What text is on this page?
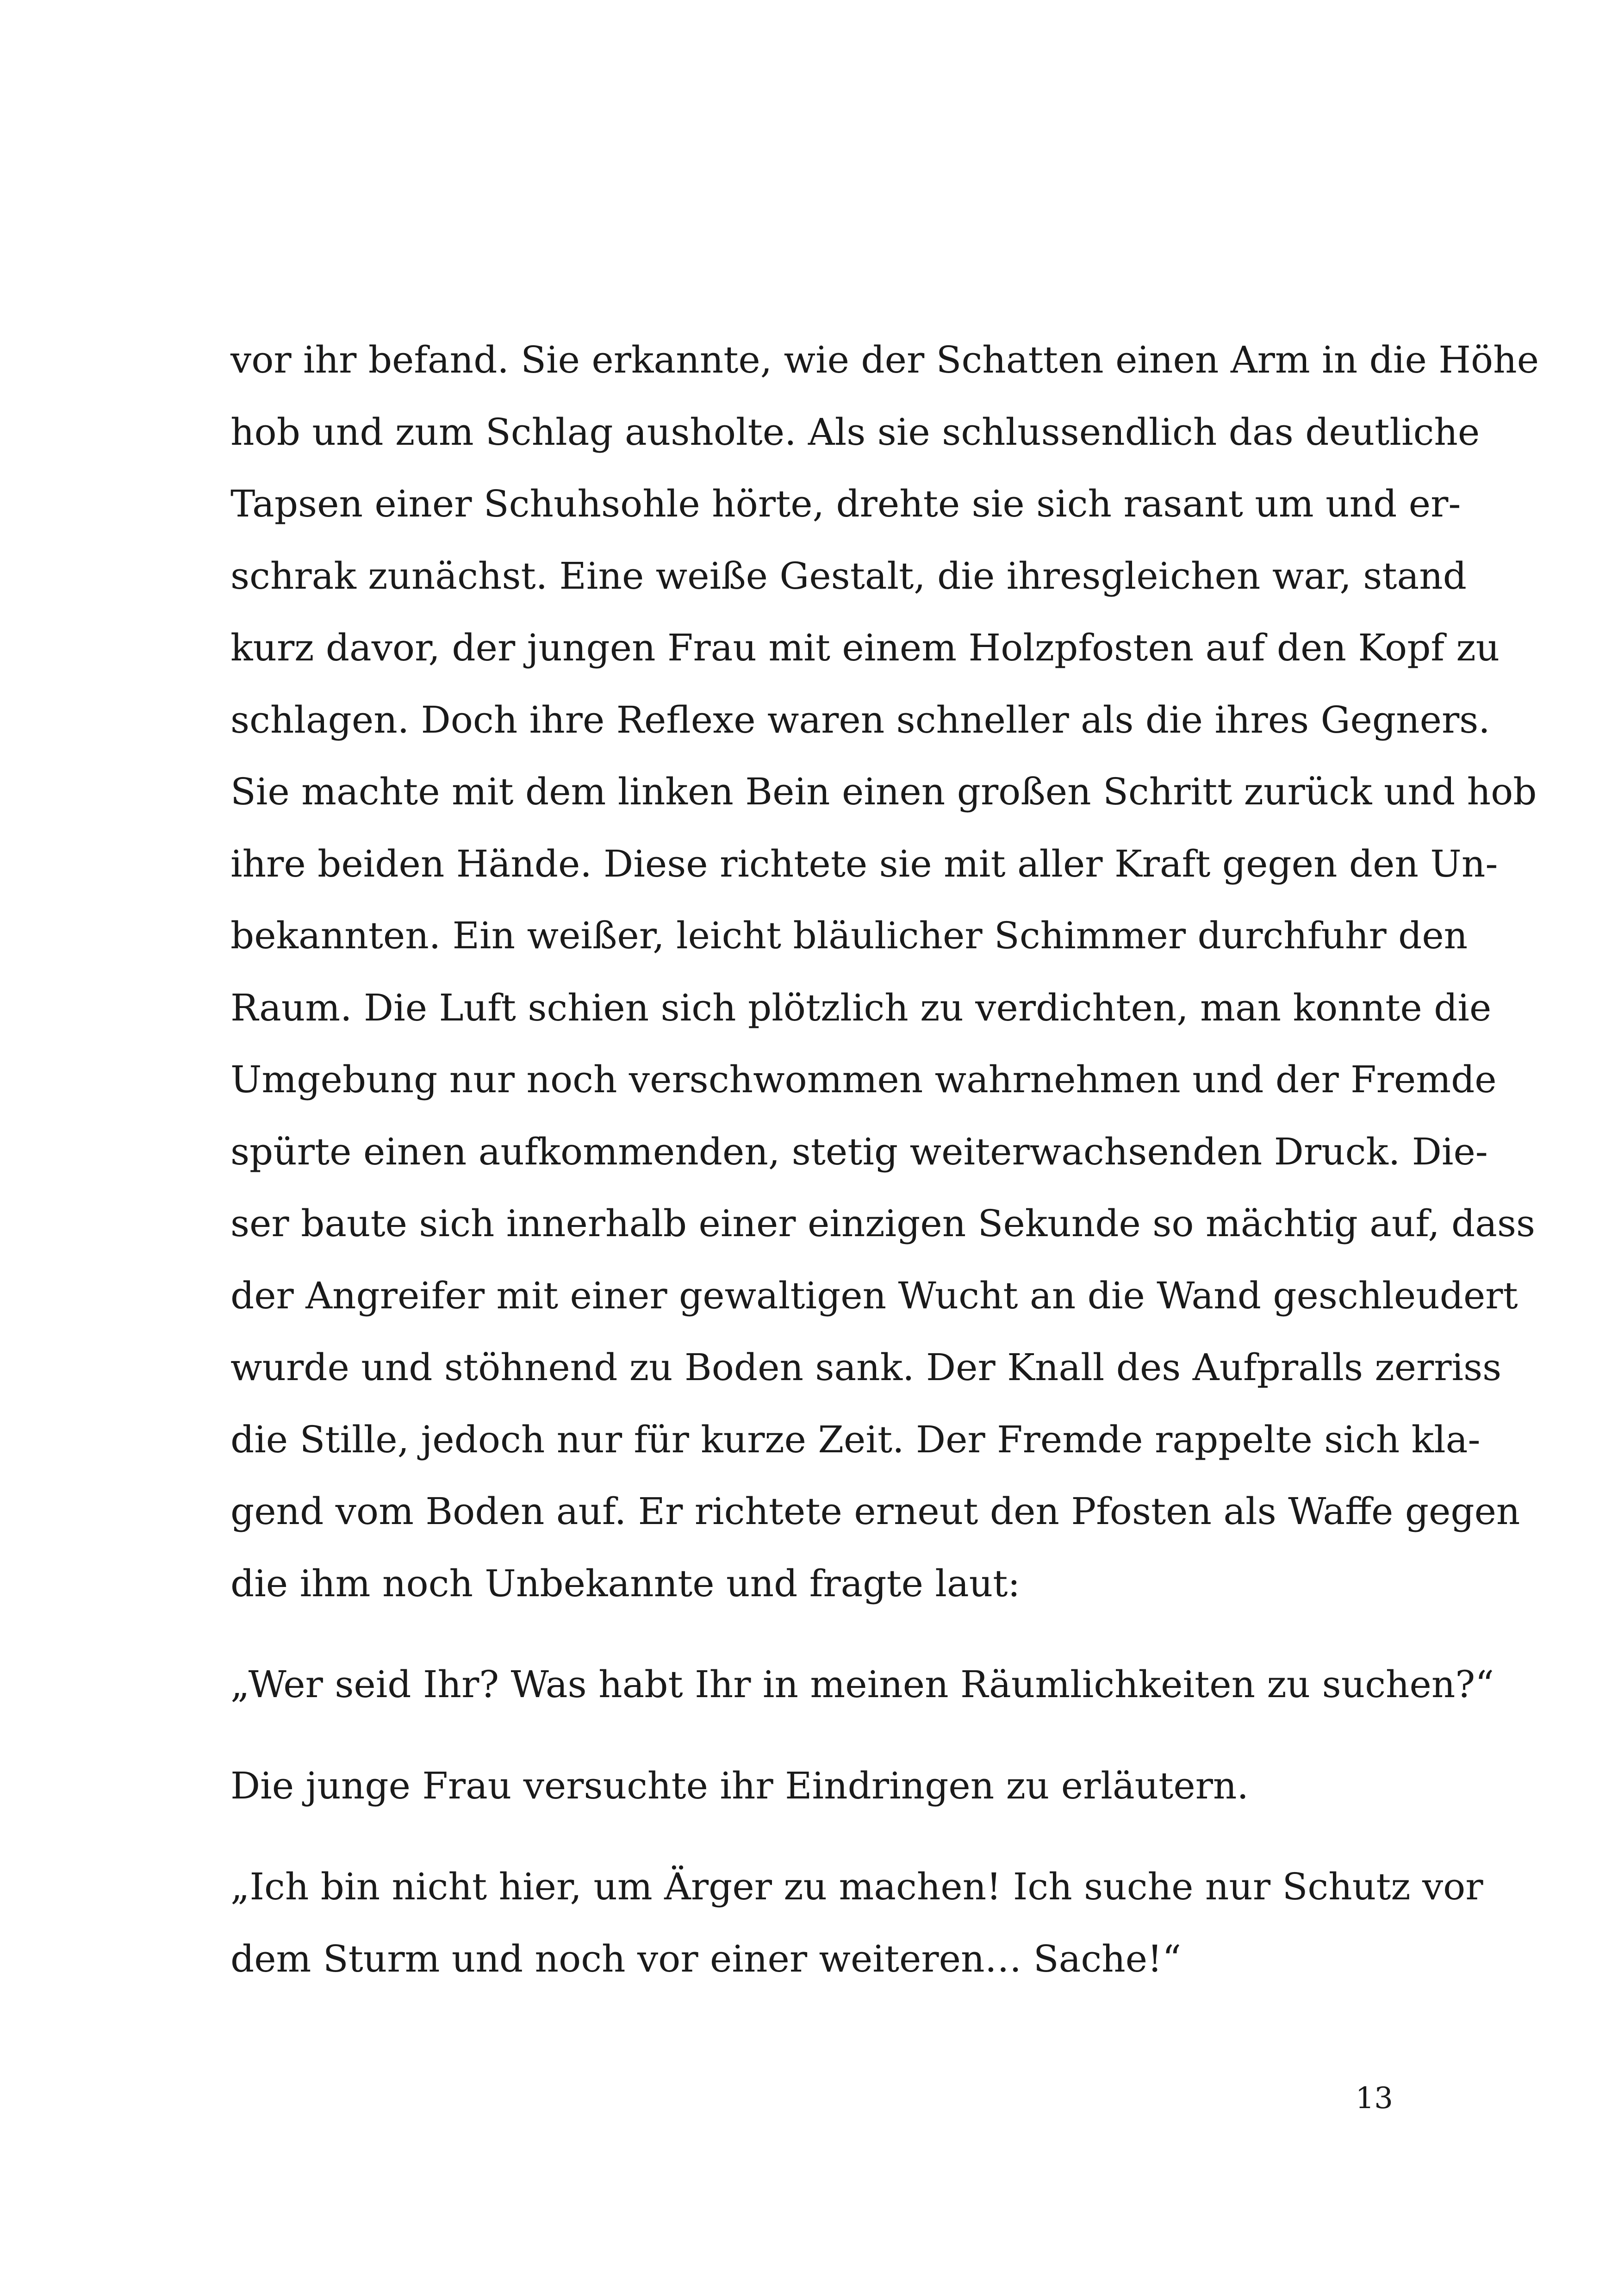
vor ihr befand. Sie erkannte, wie der Schatten einen Arm in die Höhe
hob und zum Schlag ausholte. Als sie schlussendlich das deutliche
Tapsen einer Schuhsohle hörte, drehte sie sich rasant um und er-
schrak zunächst. Eine weiße Gestalt, die ihresgleichen war, stand
kurz davor, der jungen Frau mit einem Holzpfosten auf den Kopf zu
schlagen. Doch ihre Reflexe waren schneller als die ihres Gegners.
Sie machte mit dem linken Bein einen großen Schritt zurück und hob
ihre beiden Hände. Diese richtete sie mit aller Kraft gegen den Un-
bekannten. Ein weißer, leicht bläulicher Schimmer durchfuhr den
Raum. Die Luft schien sich plötzlich zu verdichten, man konnte die
Umgebung nur noch verschwommen wahrnehmen und der Fremde
spürte einen aufkommenden, stetig weiterwachsenden Druck. Die-
ser baute sich innerhalb einer einzigen Sekunde so mächtig auf, dass
der Angreifer mit einer gewaltigen Wucht an die Wand geschleudert
wurde und stöhnend zu Boden sank. Der Knall des Aufpralls zerriss
die Stille, jedoch nur für kurze Zeit. Der Fremde rappelte sich kla-
gend vom Boden auf. Er richtete erneut den Pfosten als Waffe gegen
die ihm noch Unbekannte und fragte laut:
„Wer seid Ihr? Was habt Ihr in meinen Räumlichkeiten zu suchen?“
Die junge Frau versuchte ihr Eindringen zu erläutern.
„Ich bin nicht hier, um Ärger zu machen! Ich suche nur Schutz vor
dem Sturm und noch vor einer weiteren… Sache!“
13
